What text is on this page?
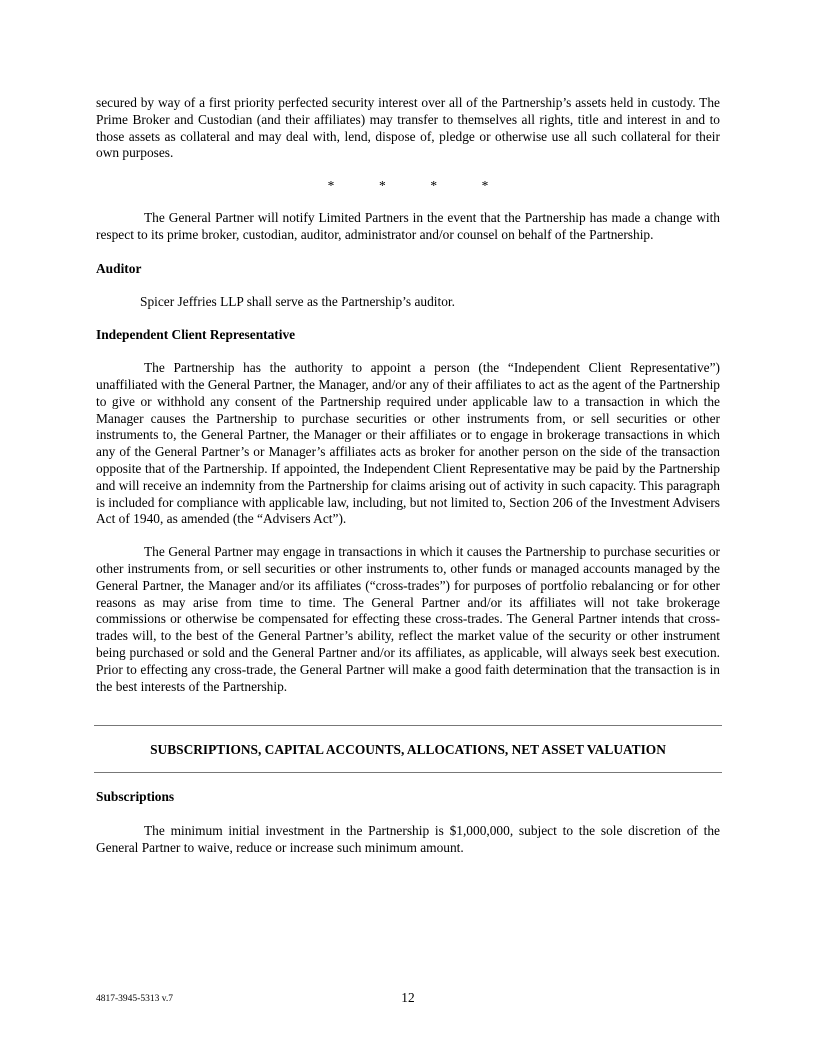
secured by way of a first priority perfected security interest over all of the Partnership’s assets held in custody. The Prime Broker and Custodian (and their affiliates) may transfer to themselves all rights, title and interest in and to those assets as collateral and may deal with, lend, dispose of, pledge or otherwise use all such collateral for their own purposes.

*	*	*	*

The General Partner will notify Limited Partners in the event that the Partnership has made a change with respect to its prime broker, custodian, auditor, administrator and/or counsel on behalf of the Partnership.

Auditor

Spicer Jeffries LLP shall serve as the Partnership’s auditor.

Independent Client Representative

The Partnership has the authority to appoint a person (the “Independent Client Representative”) unaffiliated with the General Partner, the Manager, and/or any of their affiliates to act as the agent of the Partnership to give or withhold any consent of the Partnership required under applicable law to a transaction in which the Manager causes the Partnership to purchase securities or other instruments from, or sell securities or other instruments to, the General Partner, the Manager or their affiliates or to engage in brokerage transactions in which any of the General Partner’s or Manager’s affiliates acts as broker for another person on the side of the transaction opposite that of the Partnership. If appointed, the Independent Client Representative may be paid by the Partnership and will receive an indemnity from the Partnership for claims arising out of activity in such capacity. This paragraph is included for compliance with applicable law, including, but not limited to, Section 206 of the Investment Advisers Act of 1940, as amended (the “Advisers Act”).

The General Partner may engage in transactions in which it causes the Partnership to purchase securities or other instruments from, or sell securities or other instruments to, other funds or managed accounts managed by the General Partner, the Manager and/or its affiliates (“cross-trades”) for purposes of portfolio rebalancing or for other reasons as may arise from time to time. The General Partner and/or its affiliates will not take brokerage commissions or otherwise be compensated for effecting these cross-trades. The General Partner intends that cross-trades will, to the best of the General Partner’s ability, reflect the market value of the security or other instrument being purchased or sold and the General Partner and/or its affiliates, as applicable, will always seek best execution. Prior to effecting any cross-trade, the General Partner will make a good faith determination that the transaction is in the best interests of the Partnership.

SUBSCRIPTIONS, CAPITAL ACCOUNTS, ALLOCATIONS, NET ASSET VALUATION
Subscriptions

The minimum initial investment in the Partnership is $1,000,000, subject to the sole discretion of the General Partner to waive, reduce or increase such minimum amount.

4817-3945-5313 v.7	12
